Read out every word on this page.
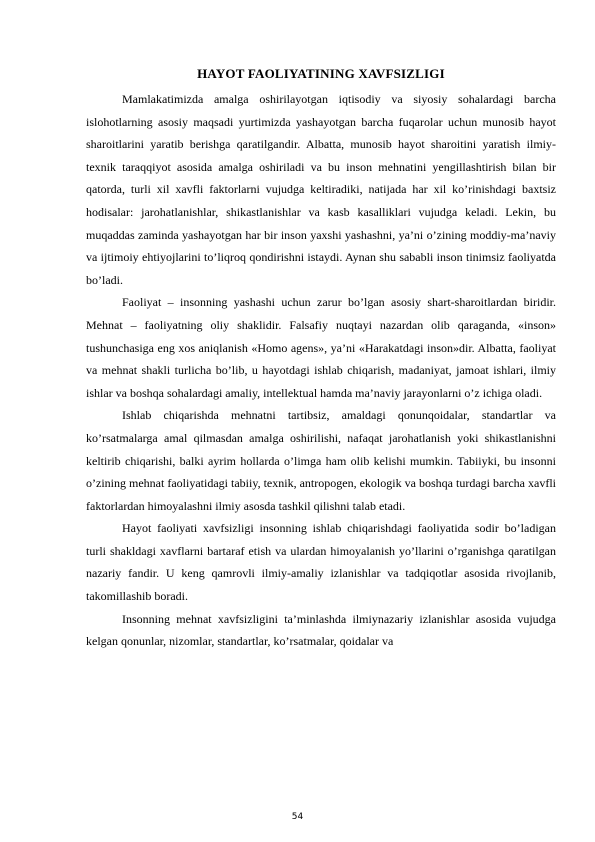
HAYOT FAOLIYATINING XAVFSIZLIGI

Mamlakatimizda amalga oshirilayotgan iqtisodiy va siyosiy sohalardagi barcha islohotlarning asosiy maqsadi yurtimizda yashayotgan barcha fuqarolar uchun munosib hayot sharoitlarini yaratib berishga qaratilgandir. Albatta, munosib hayot sharoitini yaratish ilmiy-texnik taraqqiyot asosida amalga oshiriladi va bu inson mehnatini yengillashtirish bilan bir qatorda, turli xil xavfli faktorlarni vujudga keltiradiki, natijada har xil ko’rinishdagi baxtsiz hodisalar: jarohatlanishlar, shikastlanishlar va kasb kasalliklari vujudga keladi. Lekin, bu muqaddas zaminda yashayotgan har bir inson yaxshi yashashni, ya’ni o’zining moddiy-ma’naviy va ijtimoiy ehtiyojlarini to’liqroq qondirishni istaydi. Aynan shu sababli inson tinimsiz faoliyatda bo’ladi.

Faoliyat – insonning yashashi uchun zarur bo’lgan asosiy shart-sharoitlardan biridir. Mehnat – faoliyatning oliy shaklidir. Falsafiy nuqtayi nazardan olib qaraganda, «inson» tushunchasiga eng xos aniqlanish «Homo agens», ya’ni «Harakatdagi inson»dir. Albatta, faoliyat va mehnat shakli turlicha bo’lib, u hayotdagi ishlab chiqarish, madaniyat, jamoat ishlari, ilmiy ishlar va boshqa sohalardagi amaliy, intellektual hamda ma’naviy jarayonlarni o’z ichiga oladi.

Ishlab chiqarishda mehnatni tartibsiz, amaldagi qonunqoidalar, standartlar va ko’rsatmalarga amal qilmasdan amalga oshirilishi, nafaqat jarohatlanish yoki shikastlanishni keltirib chiqarishi, balki ayrim hollarda o’limga ham olib kelishi mumkin. Tabiiyki, bu insonni o’zining mehnat faoliyatidagi tabiiy, texnik, antropogen, ekologik va boshqa turdagi barcha xavfli faktorlardan himoyalashni ilmiy asosda tashkil qilishni talab etadi.

Hayot faoliyati xavfsizligi insonning ishlab chiqarishdagi faoliyatida sodir bo’ladigan turli shakldagi xavflarni bartaraf etish va ulardan himoyalanish yo’llarini o’rganishga qaratilgan nazariy fandir. U keng qamrovli ilmiy-amaliy izlanishlar va tadqiqotlar asosida rivojlanib, takomillashib boradi.

Insonning mehnat xavfsizligini ta’minlashda ilmiynazariy izlanishlar asosida vujudga kelgan qonunlar, nizomlar, standartlar, ko’rsatmalar, qoidalar va

54
